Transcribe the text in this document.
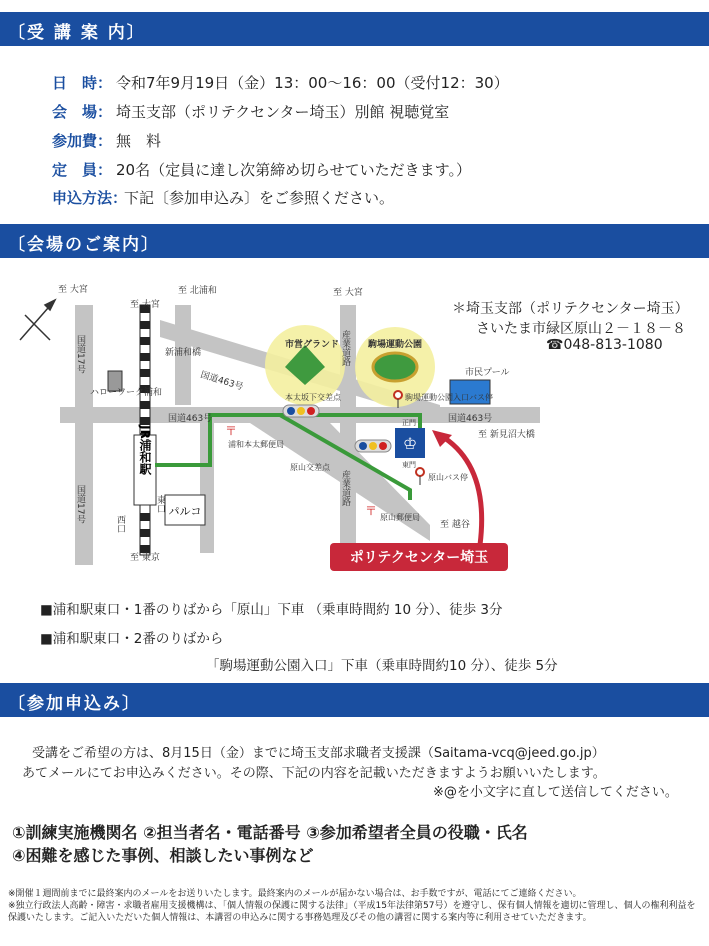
〔受 講 案 内〕
日　時： 令和7年9月19日（金）13：00～16：00（受付12：30）
会　場： 埼玉支部（ポリテクセンター埼玉）別館 視聴覚室
参加費： 無　料
定　員： 20名（定員に達し次第締め切らせていただきます。）
申込方法：下記〔参加申込み〕をご参照ください。
〔会場のご案内〕
JR浦和駅
パルコ
♔
〒
〒
至 大宮
至 大宮
至 北浦和	至 大宮
至 東京
至 越谷
至 新見沼大橋
国道17号
国道17号
国道463号
国道463号	国道463号
産業道路
産業道路
新浦和橋
ハローワーク浦和
西口
東口
市営グランド	駒場運動公園
市民プール
本太坂下交差点	駒場運動公園入口バス停
浦和本太郵便局
原山交差点
原山バス停
原山郵便局
正門
東門
ポリテクセンター埼玉
＊埼玉支部（ポリテクセンター埼玉）
さいたま市緑区原山２－１８－８
☎048-813-1080
■浦和駅東口・1番のりばから「原山」下車 （乗車時間約 10 分）、徒歩 3分
■浦和駅東口・2番のりばから
「駒場運動公園入口」下車（乗車時間約10 分）、徒歩 5分
〔参加申込み〕
受講をご希望の方は、8月15日（金）までに埼玉支部求職者支援課（Saitama-vcq@jeed.go.jp）
あてメールにてお申込みください。その際、下記の内容を記載いただきますようお願いいたします。
※@を小文字に直して送信してください。
①訓練実施機関名 ②担当者名・電話番号 ③参加希望者全員の役職・氏名
④困難を感じた事例、相談したい事例など
※開催１週間前までに最終案内のメールをお送りいたします。最終案内のメールが届かない場合は、お手数ですが、電話にてご連絡ください。
※独立行政法人高齢・障害・求職者雇用支援機構は、「個人情報の保護に関する法律」（平成15年法律第57号）を遵守し、保有個人情報を適切に管理し、個人の権利利益を保護いたします。ご記入いただいた個人情報は、本講習の申込みに関する事務処理及びその他の講習に関する案内等に利用させていただきます。
